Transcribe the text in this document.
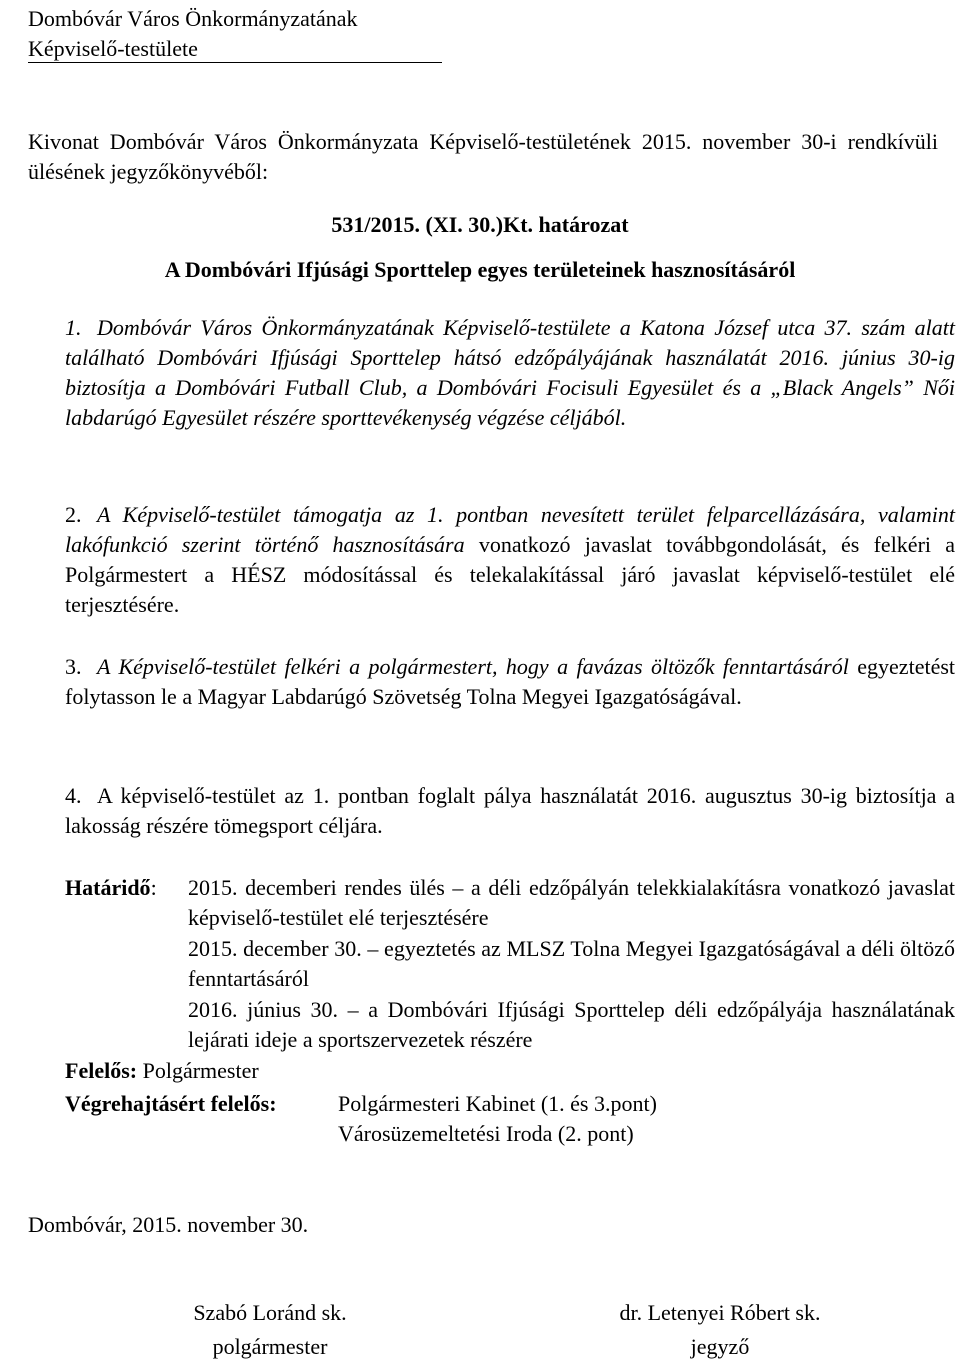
Dombóvár Város Önkormányzatának
Képviselő-testülete
Kivonat Dombóvár Város Önkormányzata Képviselő-testületének 2015. november 30-i rendkívüli ülésének jegyzőkönyvéből:
531/2015. (XI. 30.)Kt. határozat
A Dombóvári Ifjúsági Sporttelep egyes területeinek hasznosításáról
1. Dombóvár Város Önkormányzatának Képviselő-testülete a Katona József utca 37. szám alatt található Dombóvári Ifjúsági Sporttelep hátsó edzőpályájának használatát 2016. június 30-ig biztosítja a Dombóvári Futball Club, a Dombóvári Focisuli Egyesület és a „Black Angels” Női labdarúgó Egyesület részére sporttevékenység végzése céljából.
2. A Képviselő-testület támogatja az 1. pontban nevesített terület felparcellázására, valamint lakófunkció szerint történő hasznosítására vonatkozó javaslat továbbgondolását, és felkéri a Polgármestert a HÉSZ módosítással és telekalakítással járó javaslat képviselő-testület elé terjesztésére.
3. A Képviselő-testület felkéri a polgármestert, hogy a favázas öltözők fenntartásáról egyeztetést folytasson le a Magyar Labdarúgó Szövetség Tolna Megyei Igazgatóságával.
4. A képviselő-testület az 1. pontban foglalt pálya használatát 2016. augusztus 30-ig biztosítja a lakosság részére tömegsport céljára.
Határidő: 2015. decemberi rendes ülés – a déli edzőpályán telekkialakításra vonatkozó javaslat képviselő-testület elé terjesztésére
2015. december 30. – egyeztetés az MLSZ Tolna Megyei Igazgatóságával a déli öltöző fenntartásáról
2016. június 30. – a Dombóvári Ifjúsági Sporttelep déli edzőpályája használatának lejárati ideje a sportszervezetek részére
Felelős: Polgármester
Végrehajtásért felelős:	Polgármesteri Kabinet (1. és 3.pont)
Városüzemeltetési Iroda (2. pont)
Dombóvár, 2015. november 30.
Szabó Loránd sk.
polgármester
dr. Letenyei Róbert sk.
jegyző
